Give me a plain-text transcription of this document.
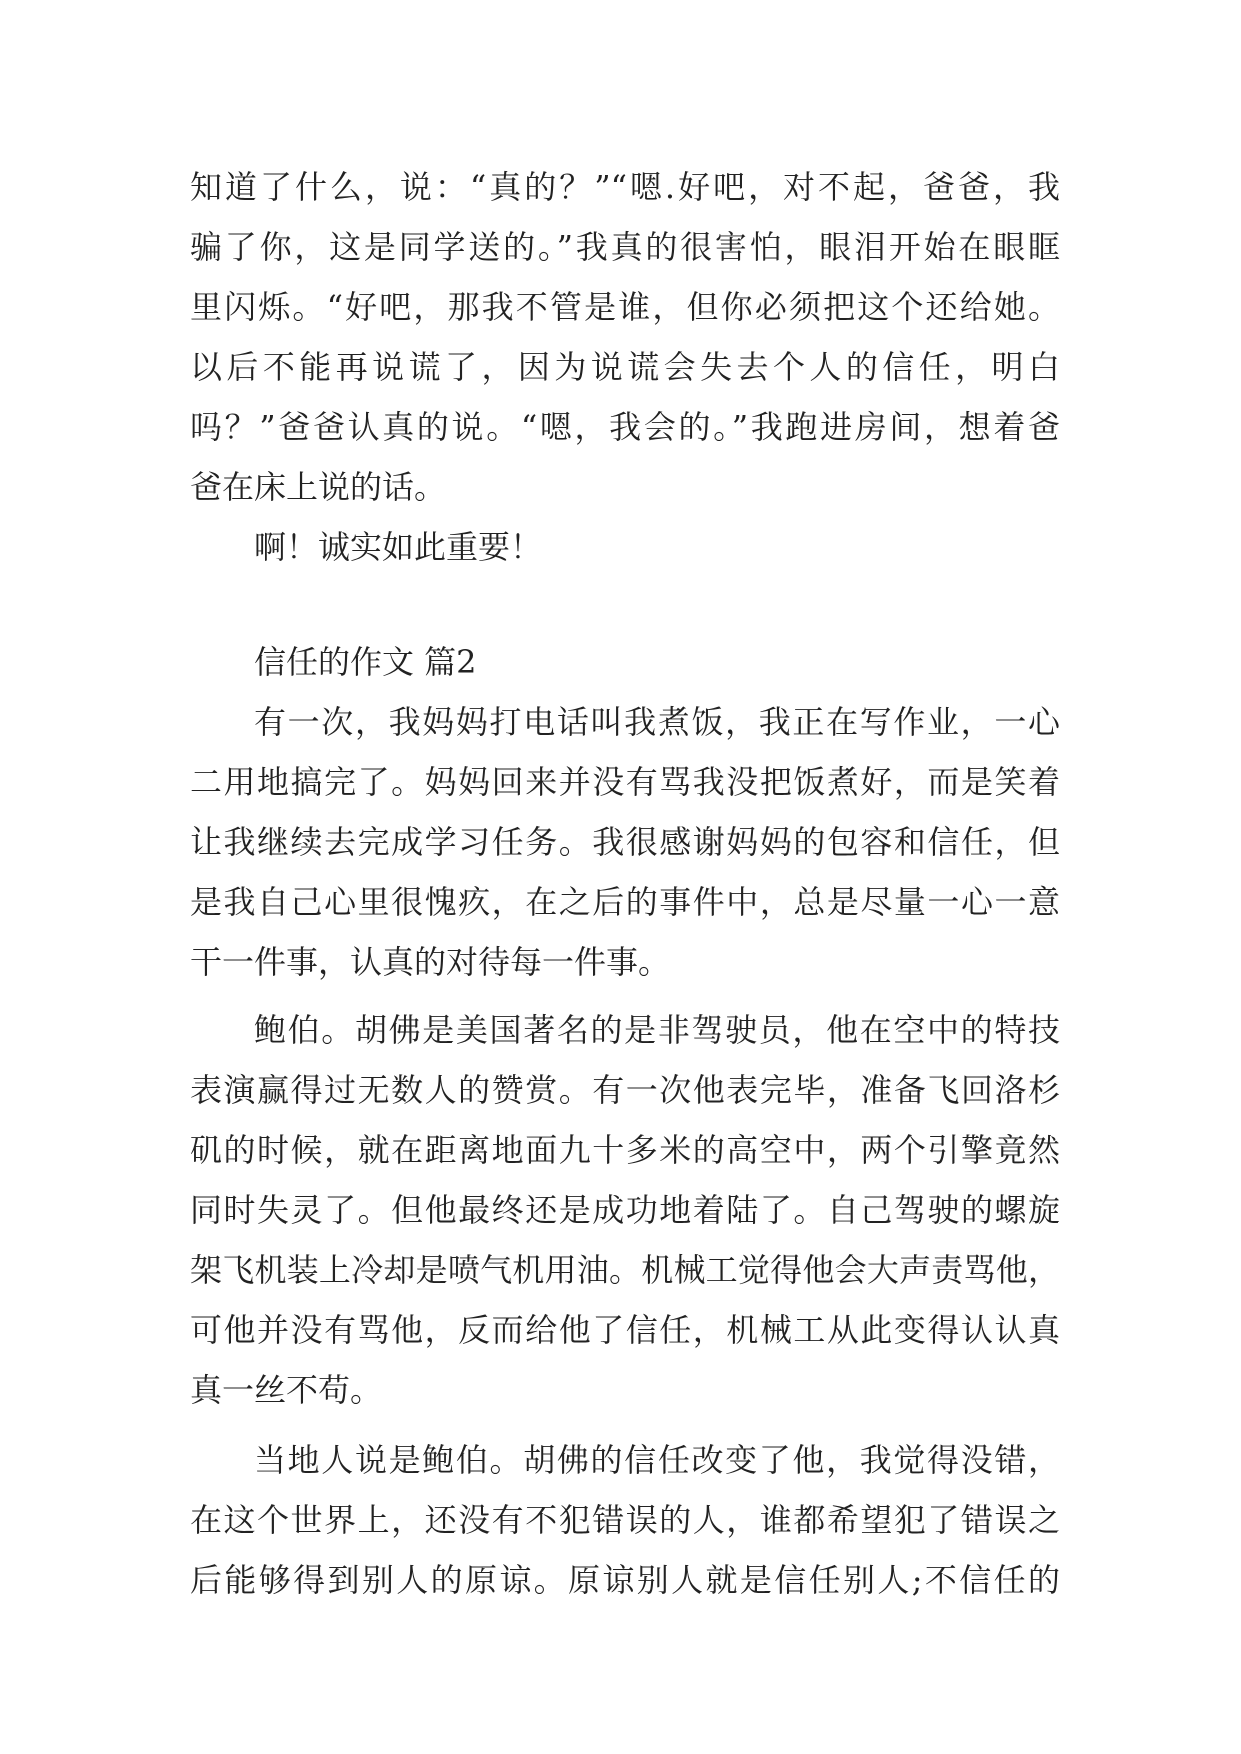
知道了什么，说：“真的？”“嗯.好吧，对不起，爸爸，我
骗了你，这是同学送的。”我真的很害怕，眼泪开始在眼眶
里闪烁。“好吧，那我不管是谁，但你必须把这个还给她。
以后不能再说谎了，因为说谎会失去个人的信任，明白
吗？”爸爸认真的说。“嗯，我会的。”我跑进房间，想着爸
爸在床上说的话。
啊！诚实如此重要！
信任的作文 篇2
有一次，我妈妈打电话叫我煮饭，我正在写作业，一心
二用地搞完了。妈妈回来并没有骂我没把饭煮好，而是笑着
让我继续去完成学习任务。我很感谢妈妈的包容和信任，但
是我自己心里很愧疚，在之后的事件中，总是尽量一心一意
干一件事，认真的对待每一件事。
鲍伯。胡佛是美国著名的是非驾驶员，他在空中的特技
表演赢得过无数人的赞赏。有一次他表完毕，准备飞回洛杉
矶的时候，就在距离地面九十多米的高空中，两个引擎竟然
同时失灵了。但他最终还是成功地着陆了。自己驾驶的螺旋
架飞机装上冷却是喷气机用油。机械工觉得他会大声责骂他，
可他并没有骂他，反而给他了信任，机械工从此变得认认真
真一丝不苟。
当地人说是鲍伯。胡佛的信任改变了他，我觉得没错，
在这个世界上，还没有不犯错误的人，谁都希望犯了错误之
后能够得到别人的原谅。原谅别人就是信任别人;不信任的
